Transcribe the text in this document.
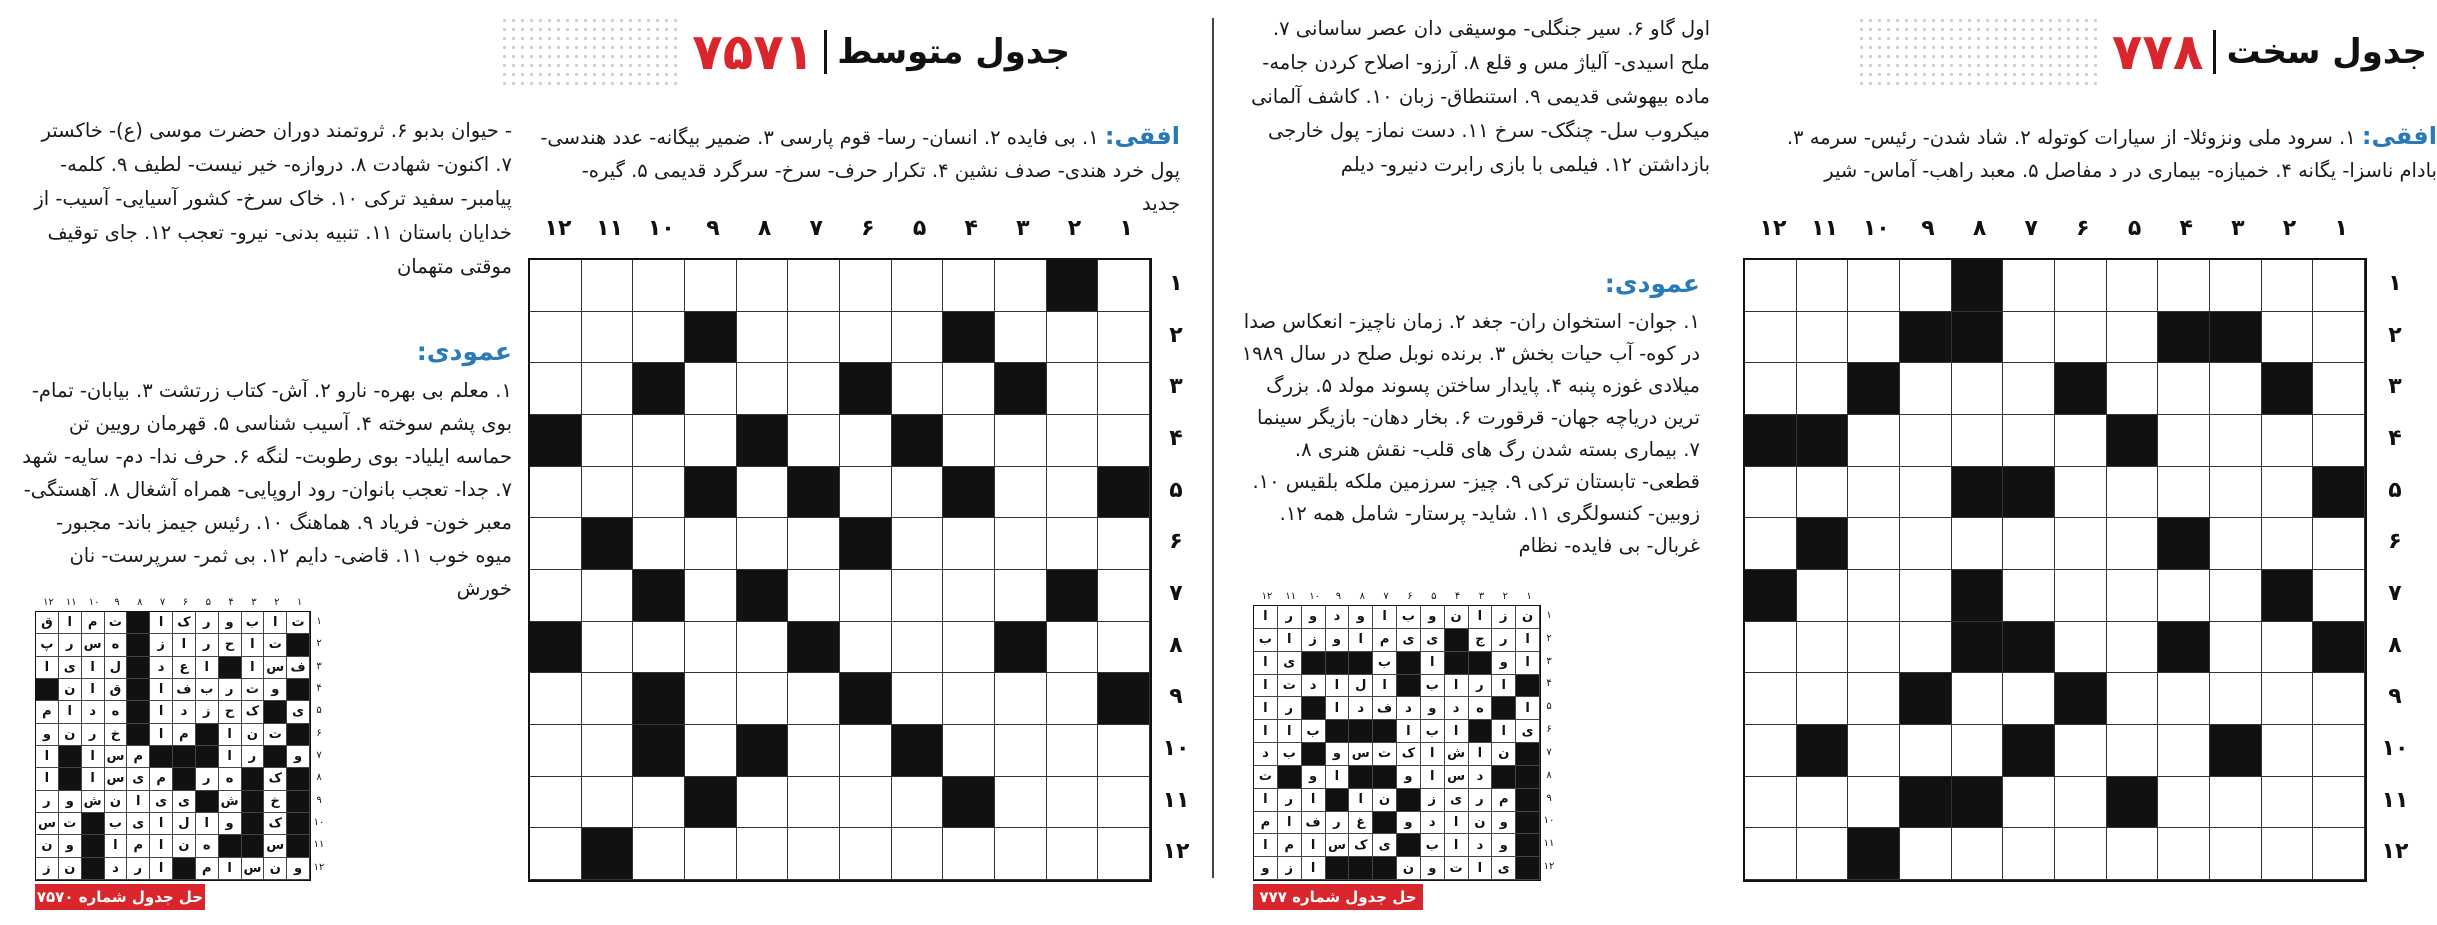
جدول سخت
۷۷۸
افقی: ۱. سرود ملی ونزوئلا- از سیارات کوتوله ۲. شاد شدن- رئیس- سرمه ۳. بادام ناسزا- یگانه ۴. خمیازه- بیماری در د مفاصل ۵. معبد راهب- آماس- شیر
۱
۲
۳
۴
۵
۶
۷
۸
۹
۱۰
۱۱
۱۲
۱
۲
۳
۴
۵
۶
۷
۸
۹
۱۰
۱۱
۱۲
اول گاو ۶. سیر جنگلی- موسیقی دان عصر ساسانی ۷. ملح اسیدی- آلیاژ مس و قلع ۸. آرزو- اصلاح کردن جامه- ماده بیهوشی قدیمی ۹. استنطاق- زبان ۱۰. کاشف آلمانی میکروب سل- چنگک- سرخ ۱۱. دست نماز- پول خارجی بازداشتن ۱۲. فیلمی با بازی رابرت دنیرو- دیلم
عمودی:
۱. جوان- استخوان ران- جغد ۲. زمان ناچیز- انعکاس صدا در کوه- آب حیات بخش ۳. برنده نوبل صلح در سال ۱۹۸۹ میلادی غوزه پنبه ۴. پایدار ساختن پسوند مولد ۵. بزرگ ترین دریاچه جهان- قرقورت ۶. بخار دهان- بازیگر سینما ۷. بیماری بسته شدن رگ های قلب- نقش هنری ۸. قطعی- تابستان ترکی ۹. چیز- سرزمین ملکه بلقیس ۱۰. زوبین- کنسولگری ۱۱. شاید- پرستار- شامل همه ۱۲. غربال- بی فایده- نظام
۱
۲
۳
۴
۵
۶
۷
۸
۹
۱۰
۱۱
۱۲
۱
۲
۳
۴
۵
۶
۷
۸
۹
۱۰
۱۱
۱۲
ا	ر	و	د	و	ا	ب	و	ن	ا	ز	ن
ب	ا	ز	و	ا	م	ی ی	ج	ر	ا
ا	ی	ب	ا	و	ا
ا	ت	د	ا	ل	ا	ب	ا	ر	ا
ا	ر	ا	د ف د	و	د	ه	ا
ا	ا	ب	ا	ب	ا	ا	ی
د	ب	و س ت ک	ا ش ا	ن
ت	و	ا	و	ا س د
ا	ر	ا	ا	ن	ز	ی	ر	م
م	ا	ف ر	غ	و	د	ا	ن	و
ا	م	ا س ک ی	ب	ا	د	و
و	ز	ا	ن	و	ت	ا	ی
حل جدول شماره ۷۷۷
جدول متوسط
۷۵۷۱
افقی: ۱. بی فایده ۲. انسان- رسا- قوم پارسی ۳. ضمیر بیگانه- عدد هندسی- پول خرد هندی- صدف نشین ۴. تکرار حرف- سرخ- سرگرد قدیمی ۵. گیره- جدید
- حیوان بدبو ۶. ثروتمند دوران حضرت موسی (ع)- خاکستر ۷. اکنون- شهادت ۸. دروازه- خیر نیست- لطیف ۹. کلمه- پیامبر- سفید ترکی ۱۰. خاک سرخ- کشور آسیایی- آسیب- از خدایان باستان ۱۱. تنبیه بدنی- نیرو- تعجب ۱۲. جای توقیف موقتی متهمان
عمودی:
۱. معلم بی بهره- نارو ۲. آش- کتاب زرتشت ۳. بیابان- تمام- بوی پشم سوخته ۴. آسیب شناسی ۵. قهرمان رویین تن حماسه ایلیاد- بوی رطوبت- لنگه ۶. حرف ندا- دم- سایه- شهد ۷. جدا- تعجب بانوان- رود اروپایی- همراه آشغال ۸. آهستگی- معبر خون- فریاد ۹. هماهنگ ۱۰. رئیس جیمز باند- مجبور- میوه خوب ۱۱. قاضی- دایم ۱۲. بی ثمر- سرپرست- نان خورش
۱
۲
۳
۴
۵
۶
۷
۸
۹
۱۰
۱۱
۱۲
۱
۲
۳
۴
۵
۶
۷
۸
۹
۱۰
۱۱
۱۲
۱
۲
۳
۴
۵
۶
۷
۸
۹
۱۰
۱۱
۱۲
۱
۲
۳
۴
۵
۶
۷
۸
۹
۱۰
۱۱
۱۲
ق	ا	م ت	ا	ک ر	و ب	ا	ت
پ ر س ه	ز	ا	ر	ح	ا	ت
ا	ی	ا	ل	د	ع	ا	ا س ف
ن	ا	ق	ا	ف ب ر ت و
م	ا	د	ه	ا	د	ز	ح ک	ی
و	ن	ر	خ	ا	م	ا	ن ت
ا	ا س م	ا	ر	و
ا	ا س ی م	ر	ه	ک
ر	و ش ن	ا	ی ی	ش	خ
س ت	ب ی	ا	ل	ا	و	ک
ن	و	ا	م	ا	ن	ه	س
ز	ن	د	ر	ا	م	ا س ن	و
حل جدول شماره ۷۵۷۰
